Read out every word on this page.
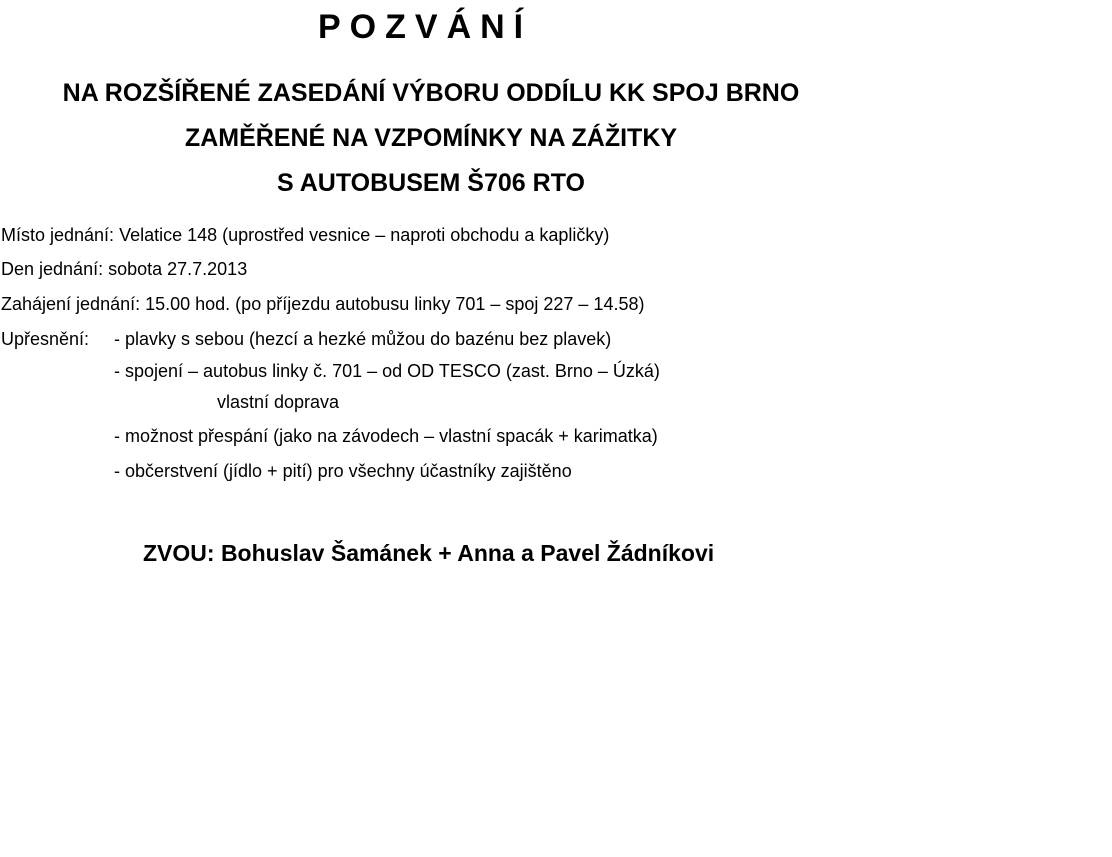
POZVÁNÍ
NA ROZŠÍŘENÉ ZASEDÁNÍ VÝBORU ODDÍLU KK SPOJ BRNO
ZAMĚŘENÉ NA VZPOMÍNKY NA ZÁŽITKY
S AUTOBUSEM Š706 RTO
Místo jednání: Velatice 148 (uprostřed vesnice – naproti obchodu a kapličky)
Den jednání: sobota 27.7.2013
Zahájení jednání: 15.00 hod. (po příjezdu autobusu linky 701 – spoj 227 – 14.58)
Upřesnění: - plavky s sebou (hezcí a hezké můžou do bazénu bez plavek)
- spojení – autobus linky č. 701 – od OD TESCO (zast. Brno – Úzká)
vlastní doprava
- možnost přespání (jako na závodech – vlastní spacák + karimatka)
- občerstvení (jídlo + pití) pro všechny účastníky zajištěno
ZVOU: Bohuslav Šamánek + Anna a Pavel Žádníkovi
